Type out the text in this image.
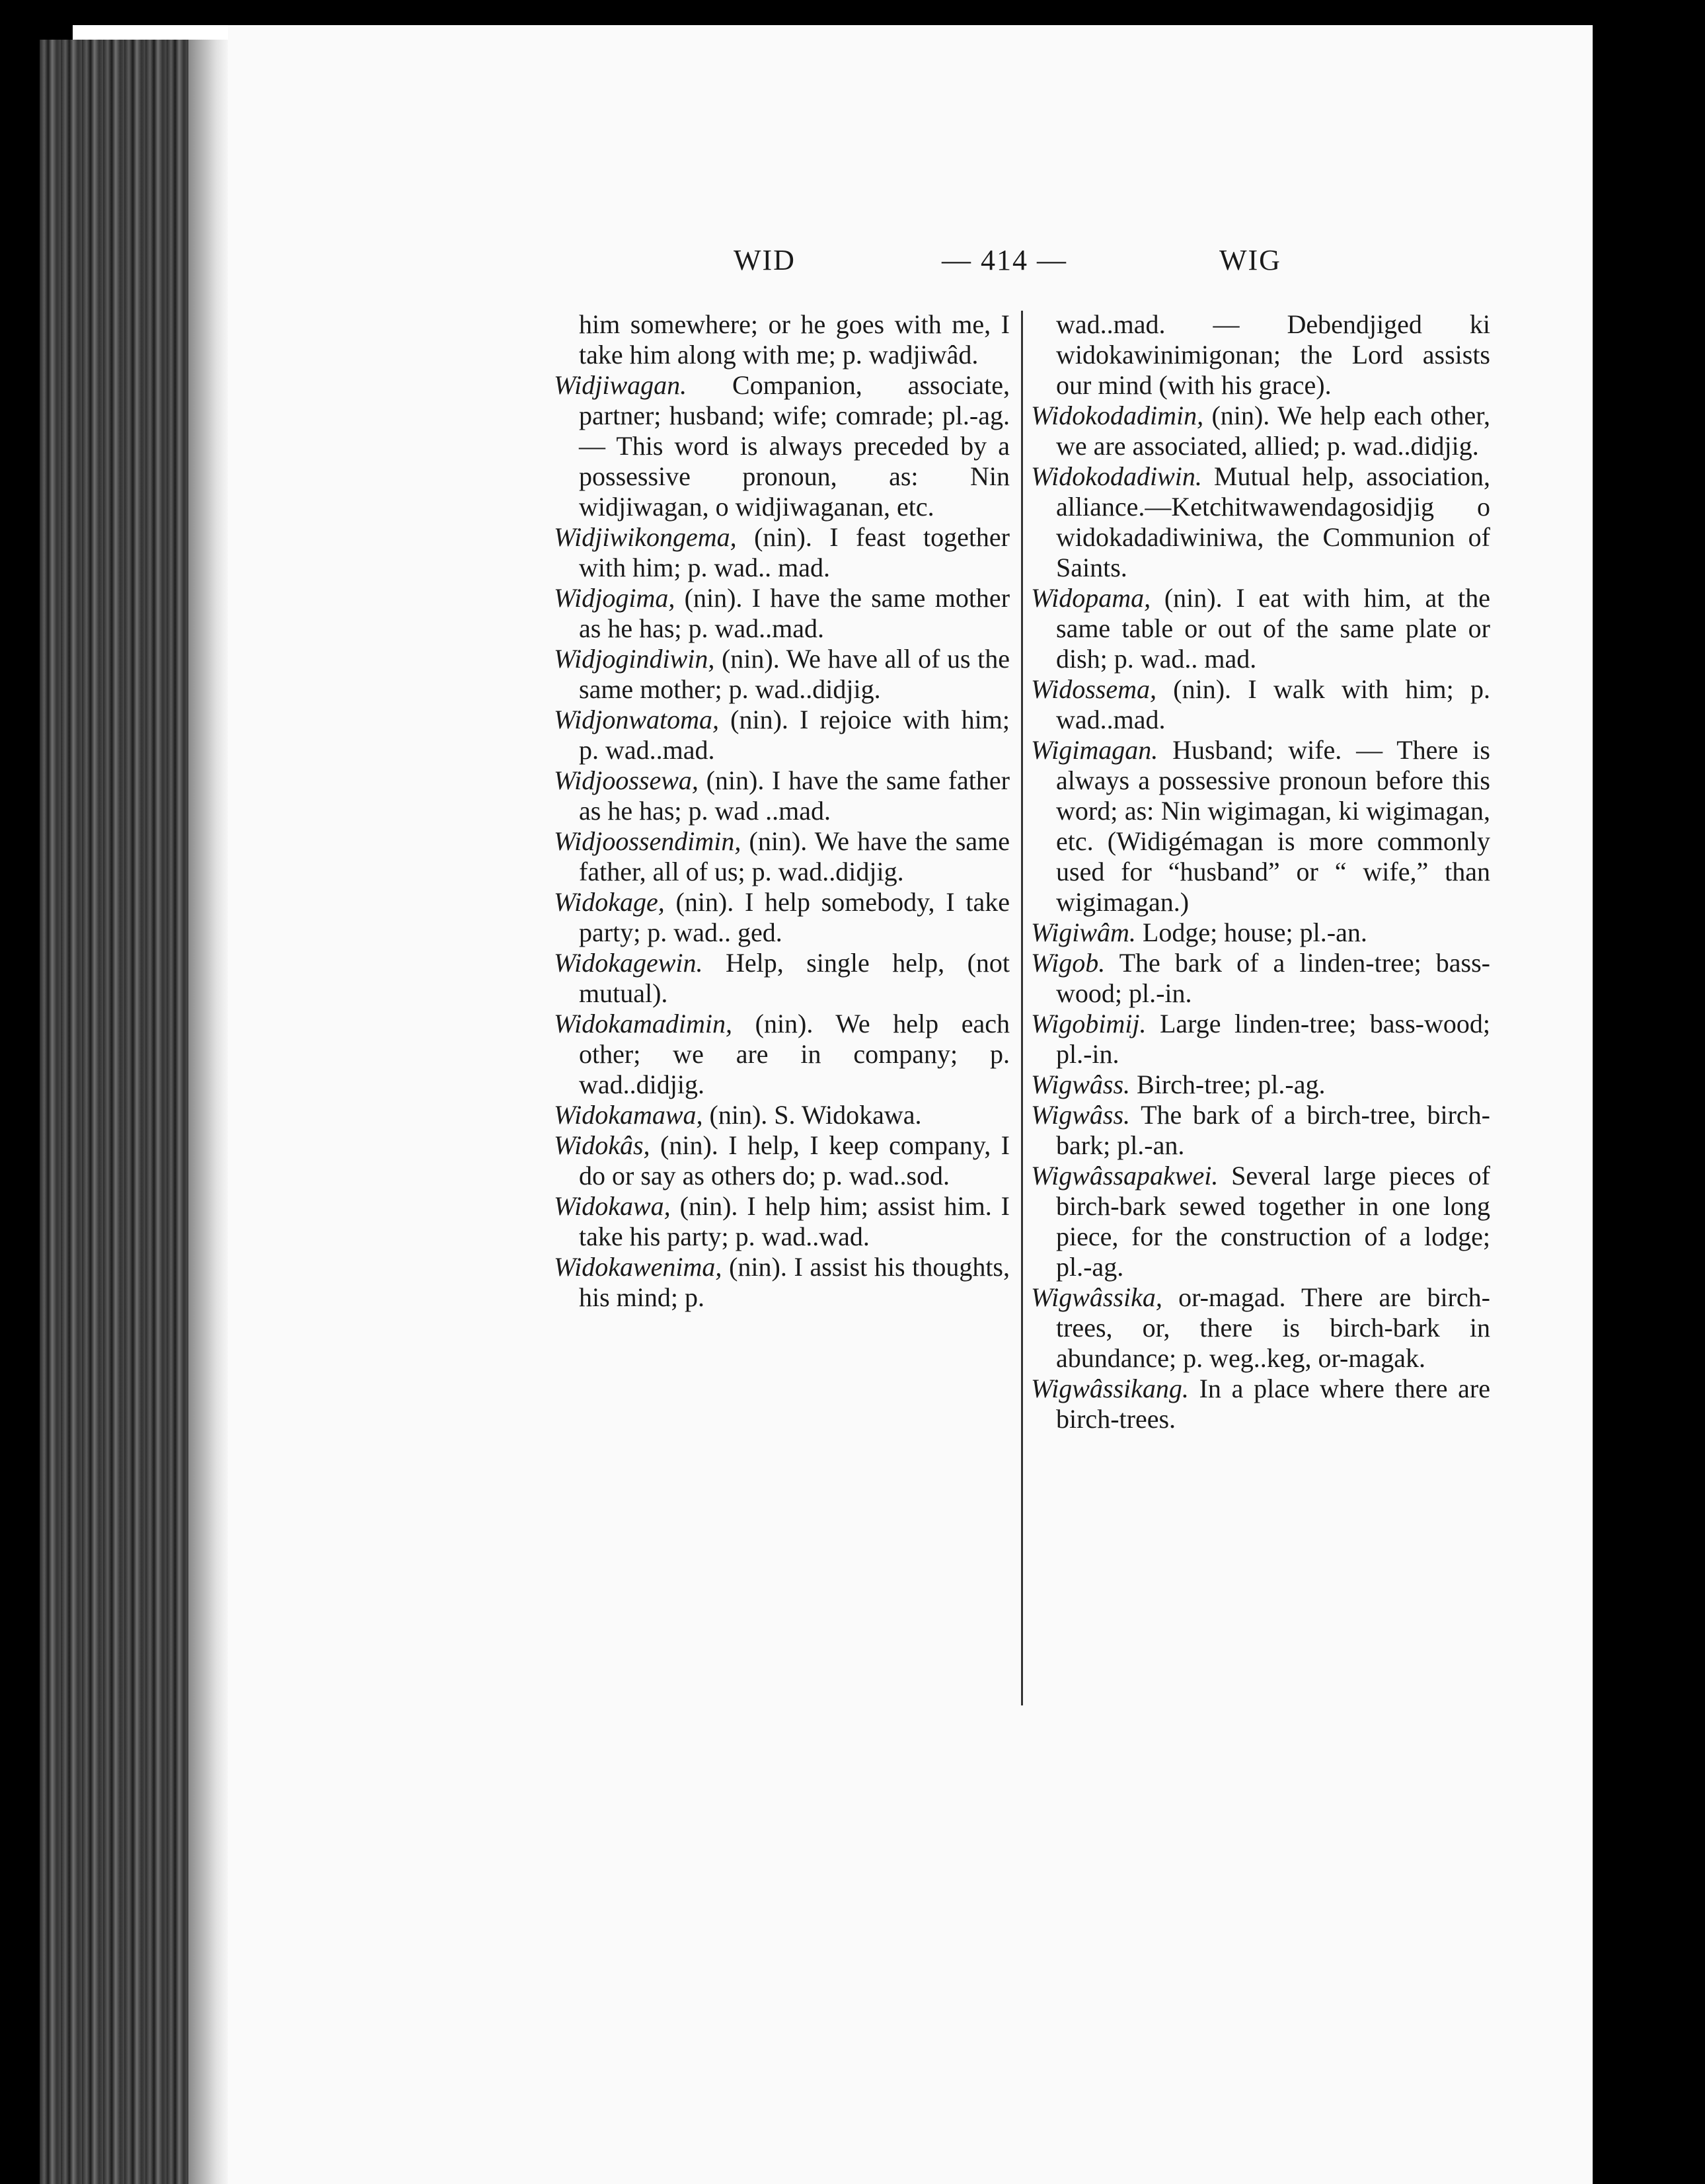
WID	— 414 —	WIG

him somewhere; or he goes with me, I take him along with me; p. wadjiwâd.

Widjiwagan. Companion, associate, partner; husband; wife; comrade; pl.-ag. — This word is always preceded by a possessive pronoun, as: Nin widjiwagan, o widjiwaganan, etc.

Widjiwikongema, (nin). I feast together with him; p. wad.. mad.

Widjogima, (nin). I have the same mother as he has; p. wad..mad.

Widjogindiwin, (nin). We have all of us the same mother; p. wad..didjig.

Widjonwatoma, (nin). I rejoice with him; p. wad..mad.

Widjoossewa, (nin). I have the same father as he has; p. wad ..mad.

Widjoossendimin, (nin). We have the same father, all of us; p. wad..didjig.

Widokage, (nin). I help somebody, I take party; p. wad.. ged.

Widokagewin. Help, single help, (not mutual).

Widokamadimin, (nin). We help each other; we are in company; p. wad..didjig.

Widokamawa, (nin). S. Widokawa.

Widokâs, (nin). I help, I keep company, I do or say as others do; p. wad..sod.

Widokawa, (nin). I help him; assist him. I take his party; p. wad..wad.

Widokawenima, (nin). I assist his thoughts, his mind; p.

wad..mad. — Debendjiged ki widokawinimigonan; the Lord assists our mind (with his grace).

Widokodadimin, (nin). We help each other, we are associated, allied; p. wad..didjig.

Widokodadiwin. Mutual help, association, alliance.—Ketchitwawendagosidjig o widokadadiwiniwa, the Communion of Saints.

Widopama, (nin). I eat with him, at the same table or out of the same plate or dish; p. wad.. mad.

Widossema, (nin). I walk with him; p. wad..mad.

Wigimagan. Husband; wife. — There is always a possessive pronoun before this word; as: Nin wigimagan, ki wigimagan, etc. (Widigémagan is more commonly used for “husband” or “ wife,” than wigimagan.)

Wigiwâm. Lodge; house; pl.-an.

Wigob. The bark of a linden-tree; bass-wood; pl.-in.

Wigobimij. Large linden-tree; bass-wood; pl.-in.

Wigwâss. Birch-tree; pl.-ag.

Wigwâss. The bark of a birch-tree, birch-bark; pl.-an.

Wigwâssapakwei. Several large pieces of birch-bark sewed together in one long piece, for the construction of a lodge; pl.-ag.

Wigwâssika, or-magad. There are birch-trees, or, there is birch-bark in abundance; p. weg..keg, or-magak.

Wigwâssikang. In a place where there are birch-trees.
